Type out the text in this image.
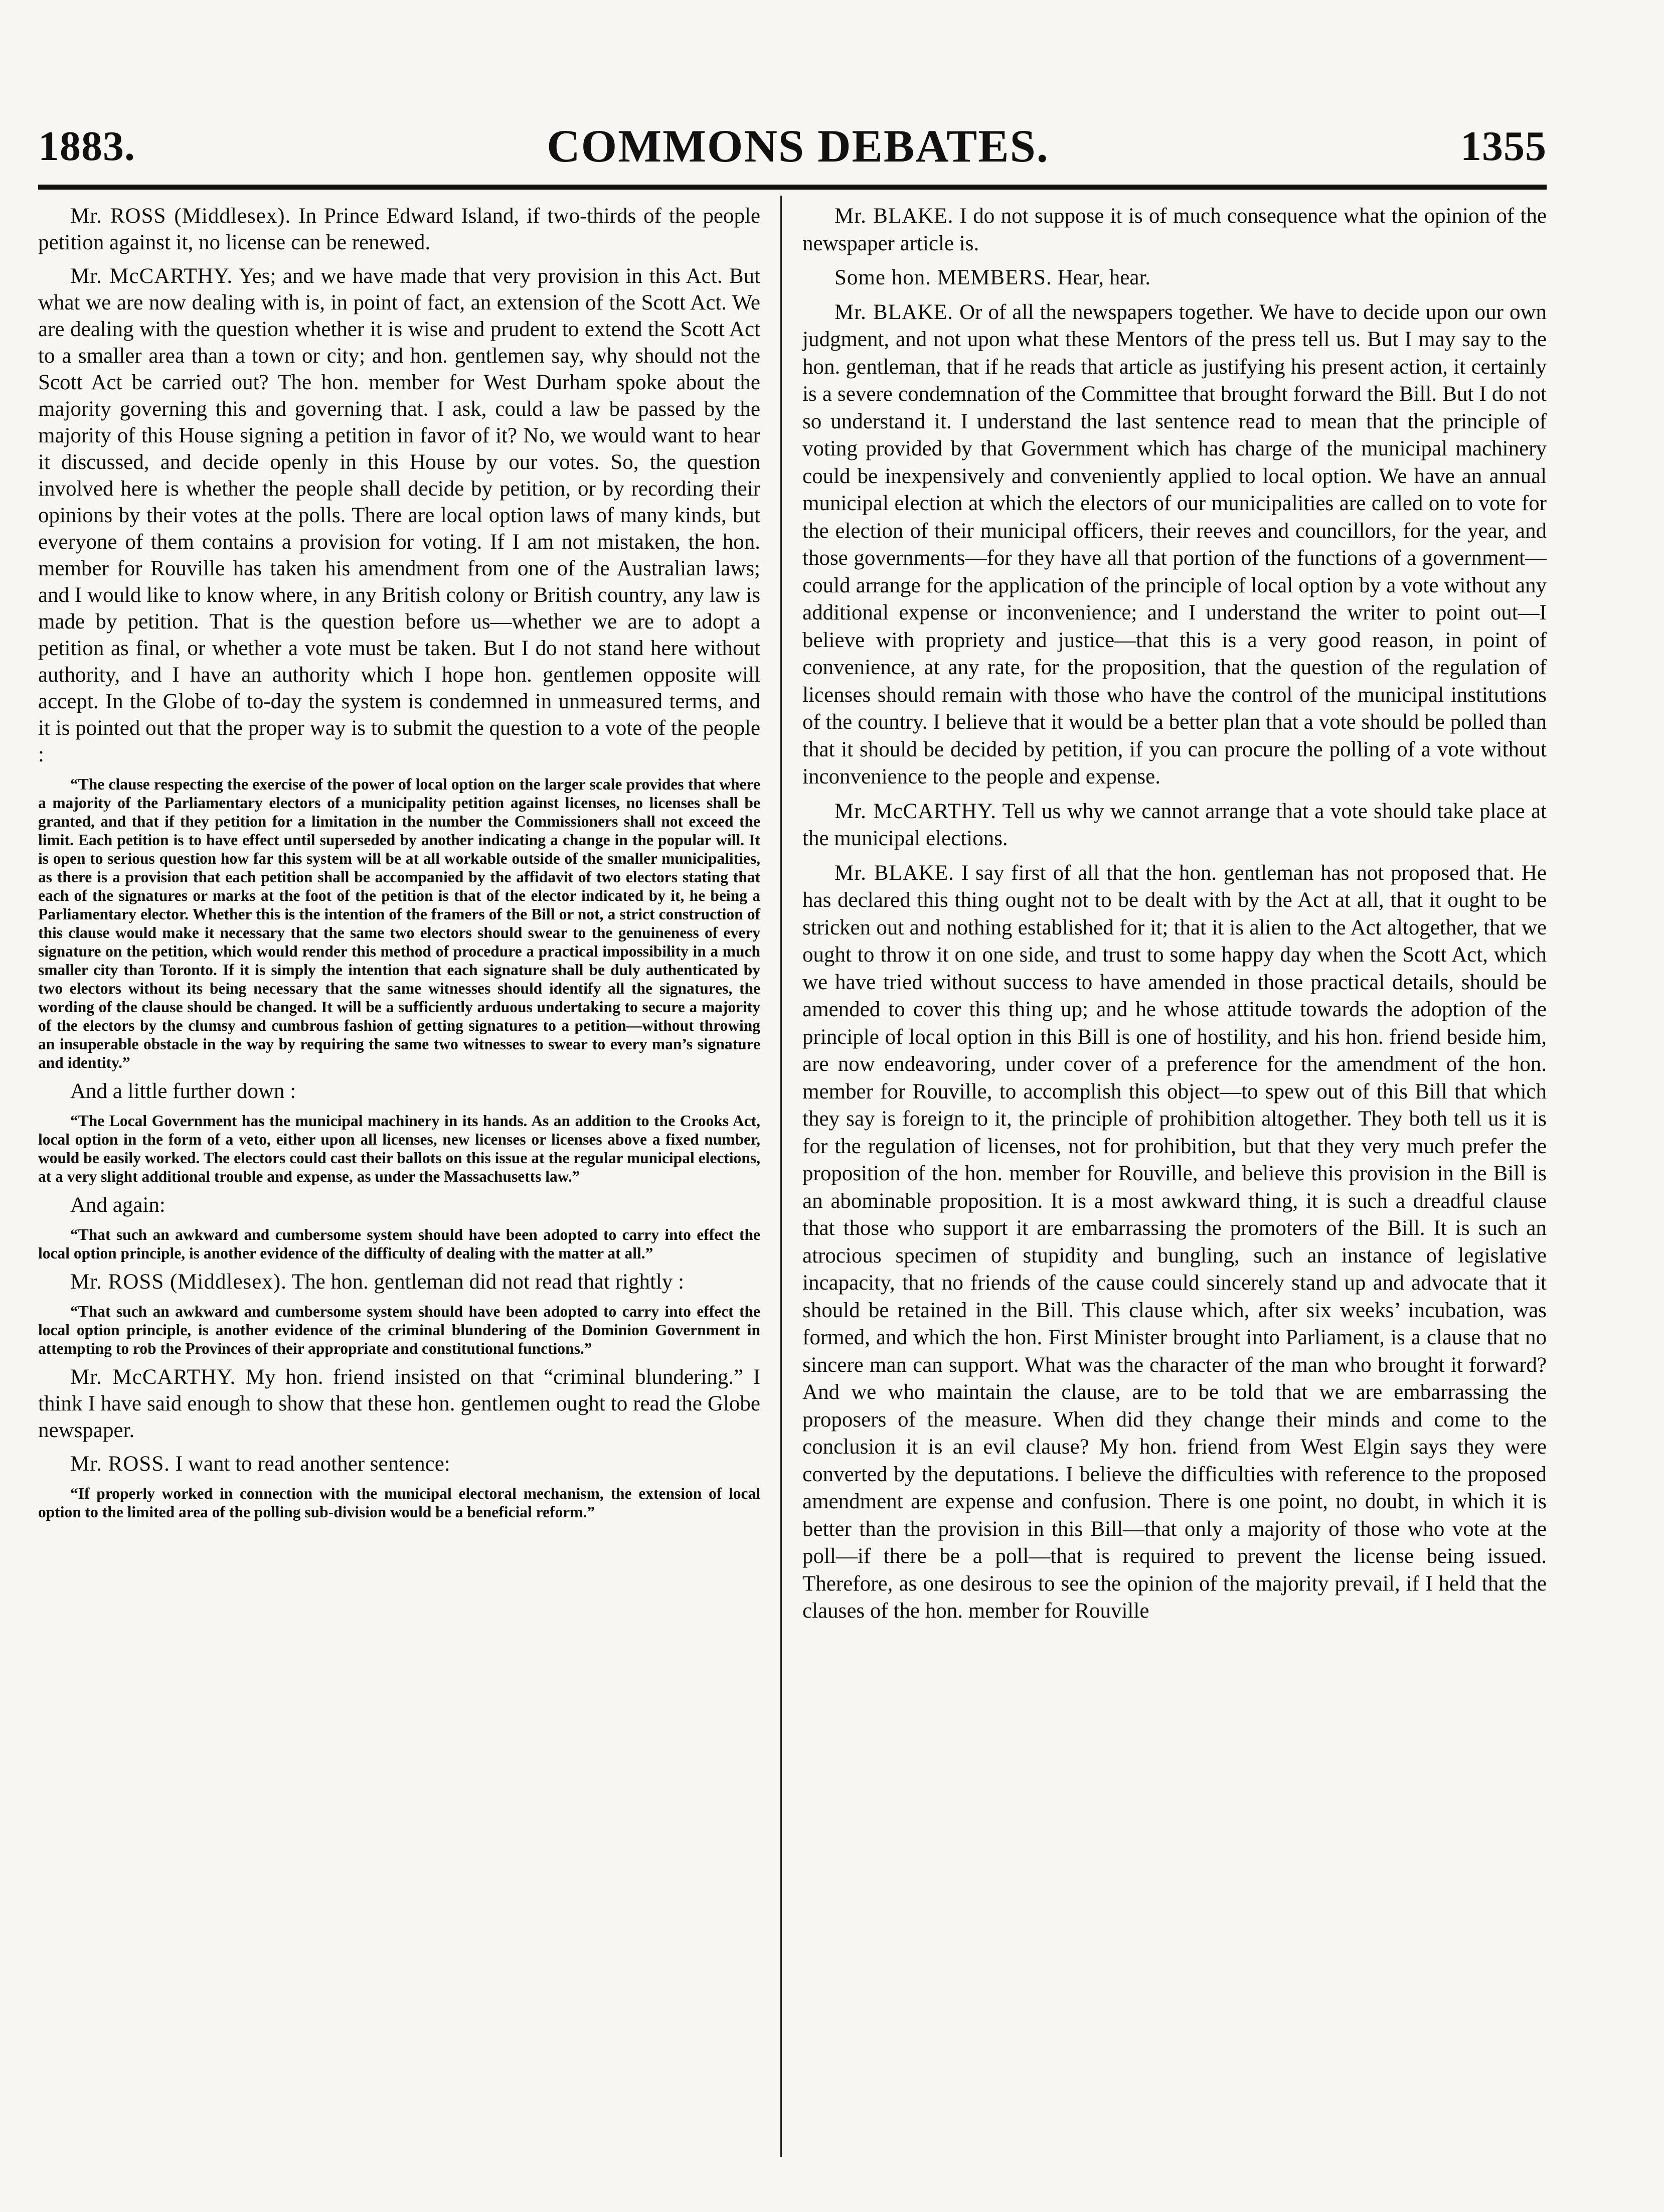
1883.	COMMONS DEBATES.	1355

Mr. ROSS (Middlesex). In Prince Edward Island, if two-thirds of the people petition against it, no license can be renewed.

Mr. McCARTHY. Yes; and we have made that very provision in this Act. But what we are now dealing with is, in point of fact, an extension of the Scott Act. We are dealing with the question whether it is wise and prudent to extend the Scott Act to a smaller area than a town or city; and hon. gentlemen say, why should not the Scott Act be carried out? The hon. member for West Durham spoke about the majority governing this and governing that. I ask, could a law be passed by the majority of this House signing a petition in favor of it? No, we would want to hear it discussed, and decide openly in this House by our votes. So, the question involved here is whether the people shall decide by petition, or by recording their opinions by their votes at the polls. There are local option laws of many kinds, but everyone of them contains a provision for voting. If I am not mistaken, the hon. member for Rouville has taken his amendment from one of the Australian laws; and I would like to know where, in any British colony or British country, any law is made by petition. That is the question before us—whether we are to adopt a petition as final, or whether a vote must be taken. But I do not stand here without authority, and I have an authority which I hope hon. gentlemen opposite will accept. In the Globe of to-day the system is condemned in unmeasured terms, and it is pointed out that the proper way is to submit the question to a vote of the people :

“The clause respecting the exercise of the power of local option on the larger scale provides that where a majority of the Parliamentary electors of a municipality petition against licenses, no licenses shall be granted, and that if they petition for a limitation in the number the Commissioners shall not exceed the limit. Each petition is to have effect until superseded by another indicating a change in the popular will. It is open to serious question how far this system will be at all workable outside of the smaller municipalities, as there is a provision that each petition shall be accompanied by the affidavit of two electors stating that each of the signatures or marks at the foot of the petition is that of the elector indicated by it, he being a Parliamentary elector. Whether this is the intention of the framers of the Bill or not, a strict construction of this clause would make it necessary that the same two electors should swear to the genuineness of every signature on the petition, which would render this method of procedure a practical impossibility in a much smaller city than Toronto. If it is simply the intention that each signature shall be duly authenticated by two electors without its being necessary that the same witnesses should identify all the signatures, the wording of the clause should be changed. It will be a sufficiently arduous undertaking to secure a majority of the electors by the clumsy and cumbrous fashion of getting signatures to a petition—without throwing an insuperable obstacle in the way by requiring the same two witnesses to swear to every man’s signature and identity.”

And a little further down :

“The Local Government has the municipal machinery in its hands. As an addition to the Crooks Act, local option in the form of a veto, either upon all licenses, new licenses or licenses above a fixed number, would be easily worked. The electors could cast their ballots on this issue at the regular municipal elections, at a very slight additional trouble and expense, as under the Massachusetts law.”

And again:

“That such an awkward and cumbersome system should have been adopted to carry into effect the local option principle, is another evidence of the difficulty of dealing with the matter at all.”

Mr. ROSS (Middlesex). The hon. gentleman did not read that rightly :

“That such an awkward and cumbersome system should have been adopted to carry into effect the local option principle, is another evidence of the criminal blundering of the Dominion Government in attempting to rob the Provinces of their appropriate and constitutional functions.”

Mr. McCARTHY. My hon. friend insisted on that “criminal blundering.” I think I have said enough to show that these hon. gentlemen ought to read the Globe newspaper.

Mr. ROSS. I want to read another sentence:

“If properly worked in connection with the municipal electoral mechanism, the extension of local option to the limited area of the polling sub-division would be a beneficial reform.”

Mr. BLAKE. I do not suppose it is of much consequence what the opinion of the newspaper article is.

Some hon. MEMBERS. Hear, hear.

Mr. BLAKE. Or of all the newspapers together. We have to decide upon our own judgment, and not upon what these Mentors of the press tell us. But I may say to the hon. gentleman, that if he reads that article as justifying his present action, it certainly is a severe condemnation of the Committee that brought forward the Bill. But I do not so understand it. I understand the last sentence read to mean that the principle of voting provided by that Government which has charge of the municipal machinery could be inexpensively and conveniently applied to local option. We have an annual municipal election at which the electors of our municipalities are called on to vote for the election of their municipal officers, their reeves and councillors, for the year, and those governments—for they have all that portion of the functions of a government—could arrange for the application of the principle of local option by a vote without any additional expense or inconvenience; and I understand the writer to point out—I believe with propriety and justice—that this is a very good reason, in point of convenience, at any rate, for the proposition, that the question of the regulation of licenses should remain with those who have the control of the municipal institutions of the country. I believe that it would be a better plan that a vote should be polled than that it should be decided by petition, if you can procure the polling of a vote without inconvenience to the people and expense.

Mr. McCARTHY. Tell us why we cannot arrange that a vote should take place at the municipal elections.

Mr. BLAKE. I say first of all that the hon. gentleman has not proposed that. He has declared this thing ought not to be dealt with by the Act at all, that it ought to be stricken out and nothing established for it; that it is alien to the Act altogether, that we ought to throw it on one side, and trust to some happy day when the Scott Act, which we have tried without success to have amended in those practical details, should be amended to cover this thing up; and he whose attitude towards the adoption of the principle of local option in this Bill is one of hostility, and his hon. friend beside him, are now endeavoring, under cover of a preference for the amendment of the hon. member for Rouville, to accomplish this object—to spew out of this Bill that which they say is foreign to it, the principle of prohibition altogether. They both tell us it is for the regulation of licenses, not for prohibition, but that they very much prefer the proposition of the hon. member for Rouville, and believe this provision in the Bill is an abominable proposition. It is a most awkward thing, it is such a dreadful clause that those who support it are embarrassing the promoters of the Bill. It is such an atrocious specimen of stupidity and bungling, such an instance of legislative incapacity, that no friends of the cause could sincerely stand up and advocate that it should be retained in the Bill. This clause which, after six weeks’ incubation, was formed, and which the hon. First Minister brought into Parliament, is a clause that no sincere man can support. What was the character of the man who brought it forward? And we who maintain the clause, are to be told that we are embarrassing the proposers of the measure. When did they change their minds and come to the conclusion it is an evil clause? My hon. friend from West Elgin says they were converted by the deputations. I believe the difficulties with reference to the proposed amendment are expense and confusion. There is one point, no doubt, in which it is better than the provision in this Bill—that only a majority of those who vote at the poll—if there be a poll—that is required to prevent the license being issued. Therefore, as one desirous to see the opinion of the majority prevail, if I held that the clauses of the hon. member for Rouville
